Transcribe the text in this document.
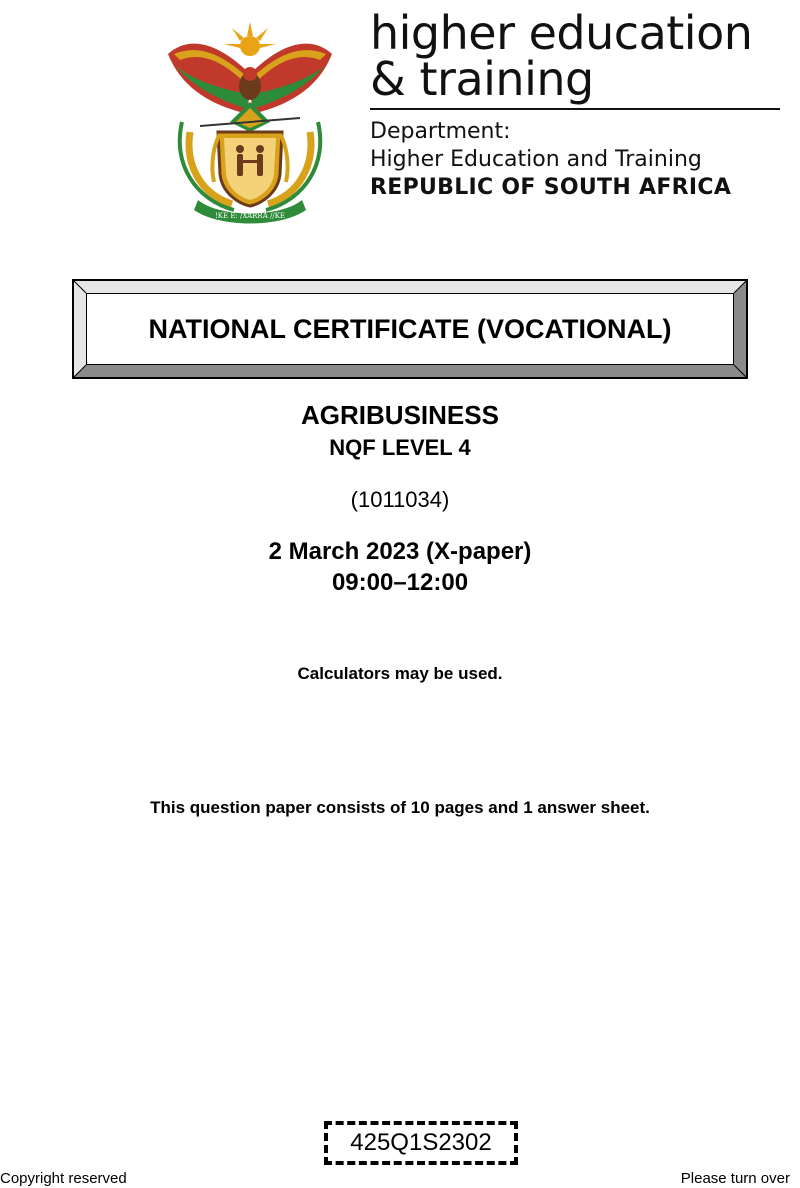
!KE E: /XARRA //KE
higher education
& training
Department:
Higher Education and Training
REPUBLIC OF SOUTH AFRICA
NATIONAL CERTIFICATE (VOCATIONAL)

AGRIBUSINESS

NQF LEVEL 4

(1011034)

2 March 2023 (X-paper)

09:00–12:00

Calculators may be used.

This question paper consists of 10 pages and 1 answer sheet.

425Q1S2302
Copyright reserved	Please turn over
